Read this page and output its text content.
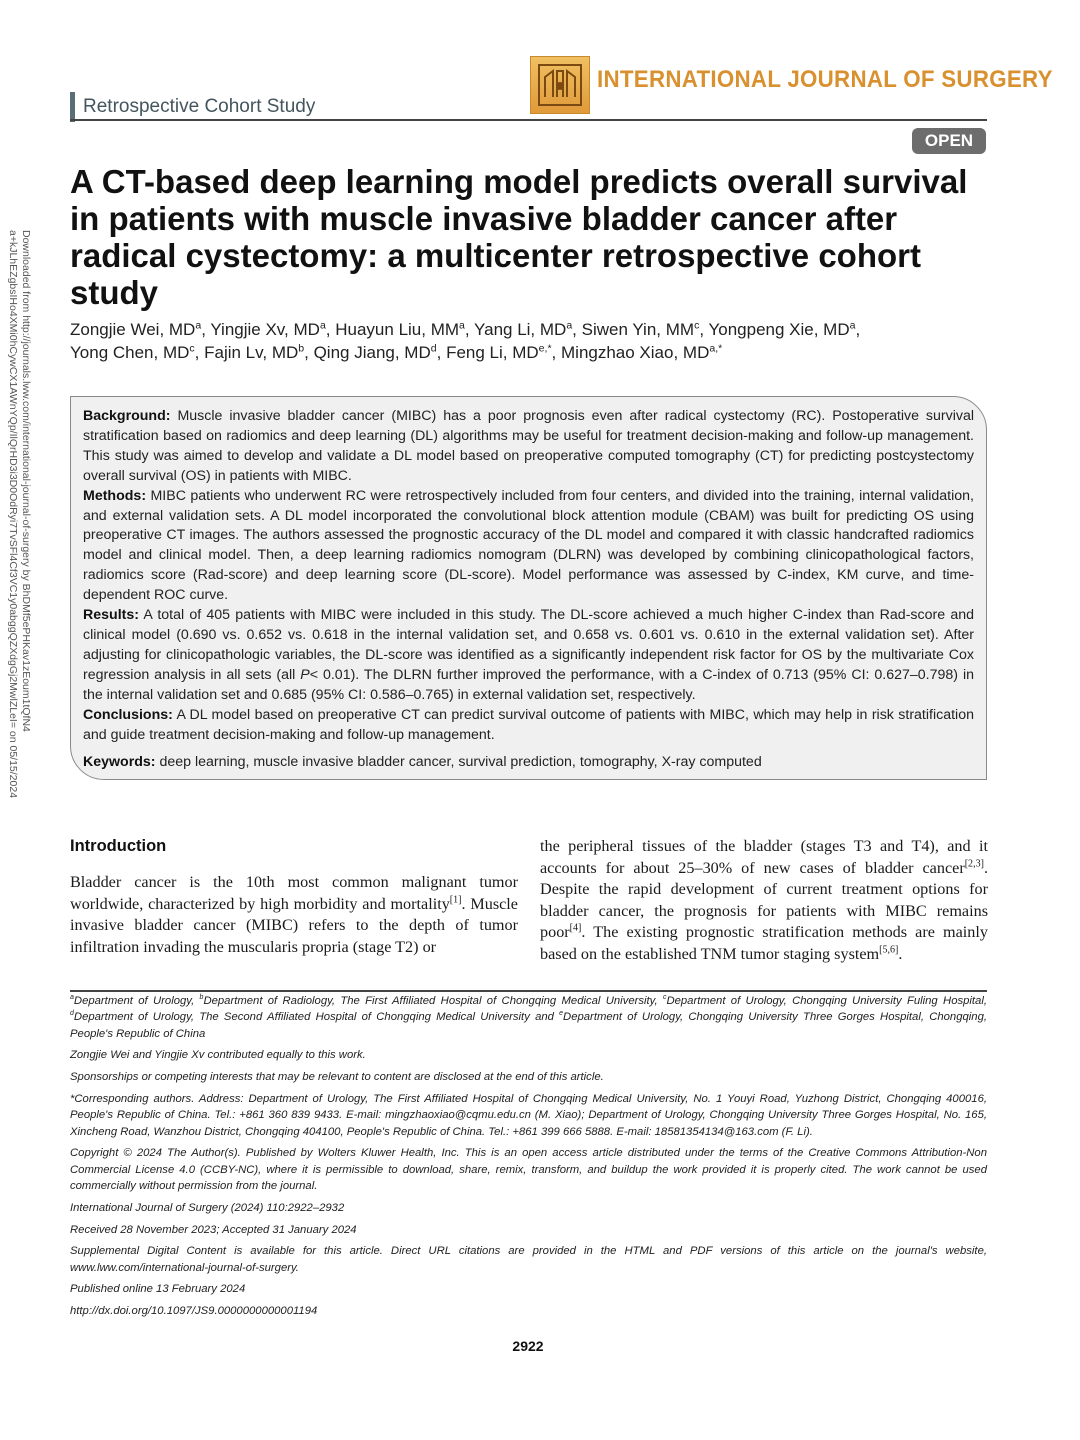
Downloaded from http://journals.lww.com/international-journal-of-surgery by BhDMf5ePHKav1zEoum1tQfN4
a+kJLhEZgbsIHo4XMi0hCywCX1AWnYQp/IlQrHD3i3D0OdRyi7TvSFl4Cf3VC1y0abggQZXdgGj2MwlZLeI= on 05/15/2024
INTERNATIONAL JOURNAL OF SURGERY
Retrospective Cohort Study
OPEN
A CT-based deep learning model predicts overall survival in patients with muscle invasive bladder cancer after radical cystectomy: a multicenter retrospective cohort study
Zongjie Wei, $MD^a$, Yingjie Xv, $MD^a$, Huayun Liu, $MM^a$, Yang Li, $MD^a$, Siwen Yin, $MM^c$, Yongpeng Xie, $MD^a$,
Yong Chen, $MD^c$, Fajin Lv, $MD^b$, Qing Jiang, $MD^d$, Feng Li, $MD^{e,*}$, Mingzhao Xiao, $MD^{a,*}$

Background: Muscle invasive bladder cancer (MIBC) has a poor prognosis even after radical cystectomy (RC). Postoperative survival stratification based on radiomics and deep learning (DL) algorithms may be useful for treatment decision-making and follow-up management. This study was aimed to develop and validate a DL model based on preoperative computed tomography (CT) for predicting postcystectomy overall survival (OS) in patients with MIBC.

Methods: MIBC patients who underwent RC were retrospectively included from four centers, and divided into the training, internal validation, and external validation sets. A DL model incorporated the convolutional block attention module (CBAM) was built for predicting OS using preoperative CT images. The authors assessed the prognostic accuracy of the DL model and compared it with classic handcrafted radiomics model and clinical model. Then, a deep learning radiomics nomogram (DLRN) was developed by combining clinicopathological factors, radiomics score (Rad-score) and deep learning score (DL-score). Model performance was assessed by C-index, KM curve, and time-dependent ROC curve.

Results: A total of 405 patients with MIBC were included in this study. The DL-score achieved a much higher C-index than Rad-score and clinical model (0.690 vs. 0.652 vs. 0.618 in the internal validation set, and 0.658 vs. 0.601 vs. 0.610 in the external validation set). After adjusting for clinicopathologic variables, the DL-score was identified as a significantly independent risk factor for OS by the multivariate Cox regression analysis in all sets (all P< 0.01). The DLRN further improved the performance, with a C-index of 0.713 (95% CI: 0.627–0.798) in the internal validation set and 0.685 (95% CI: 0.586–0.765) in external validation set, respectively.

Conclusions: A DL model based on preoperative CT can predict survival outcome of patients with MIBC, which may help in risk stratification and guide treatment decision-making and follow-up management.

Keywords: deep learning, muscle invasive bladder cancer, survival prediction, tomography, X-ray computed

Introduction

Bladder cancer is the 10th most common malignant tumor worldwide, characterized by high morbidity and mortality[1]. Muscle invasive bladder cancer (MIBC) refers to the depth of tumor infiltration invading the muscularis propria (stage T2) or

the peripheral tissues of the bladder (stages T3 and T4), and it accounts for about 25–30% of new cases of bladder cancer[2,3]. Despite the rapid development of current treatment options for bladder cancer, the prognosis for patients with MIBC remains poor[4]. The existing prognostic stratification methods are mainly based on the established TNM tumor staging system[5,6].

$^a$Department of Urology, $^b$Department of Radiology, The First Affiliated Hospital of Chongqing Medical University, $^c$Department of Urology, Chongqing University Fuling Hospital, $^d$Department of Urology, The Second Affiliated Hospital of Chongqing Medical University and $^e$Department of Urology, Chongqing University Three Gorges Hospital, Chongqing, People's Republic of China

Zongjie Wei and Yingjie Xv contributed equally to this work.

Sponsorships or competing interests that may be relevant to content are disclosed at the end of this article.

*Corresponding authors. Address: Department of Urology, The First Affiliated Hospital of Chongqing Medical University, No. 1 Youyi Road, Yuzhong District, Chongqing 400016, People's Republic of China. Tel.: +861 360 839 9433. E-mail: mingzhaoxiao@cqmu.edu.cn (M. Xiao); Department of Urology, Chongqing University Three Gorges Hospital, No. 165, Xincheng Road, Wanzhou District, Chongqing 404100, People's Republic of China. Tel.: +861 399 666 5888. E-mail: 18581354134@163.com (F. Li).

Copyright © 2024 The Author(s). Published by Wolters Kluwer Health, Inc. This is an open access article distributed under the terms of the Creative Commons Attribution-Non Commercial License 4.0 (CCBY-NC), where it is permissible to download, share, remix, transform, and buildup the work provided it is properly cited. The work cannot be used commercially without permission from the journal.

International Journal of Surgery (2024) 110:2922–2932

Received 28 November 2023; Accepted 31 January 2024

Supplemental Digital Content is available for this article. Direct URL citations are provided in the HTML and PDF versions of this article on the journal's website, www.lww.com/international-journal-of-surgery.

Published online 13 February 2024

http://dx.doi.org/10.1097/JS9.0000000000001194

2922
